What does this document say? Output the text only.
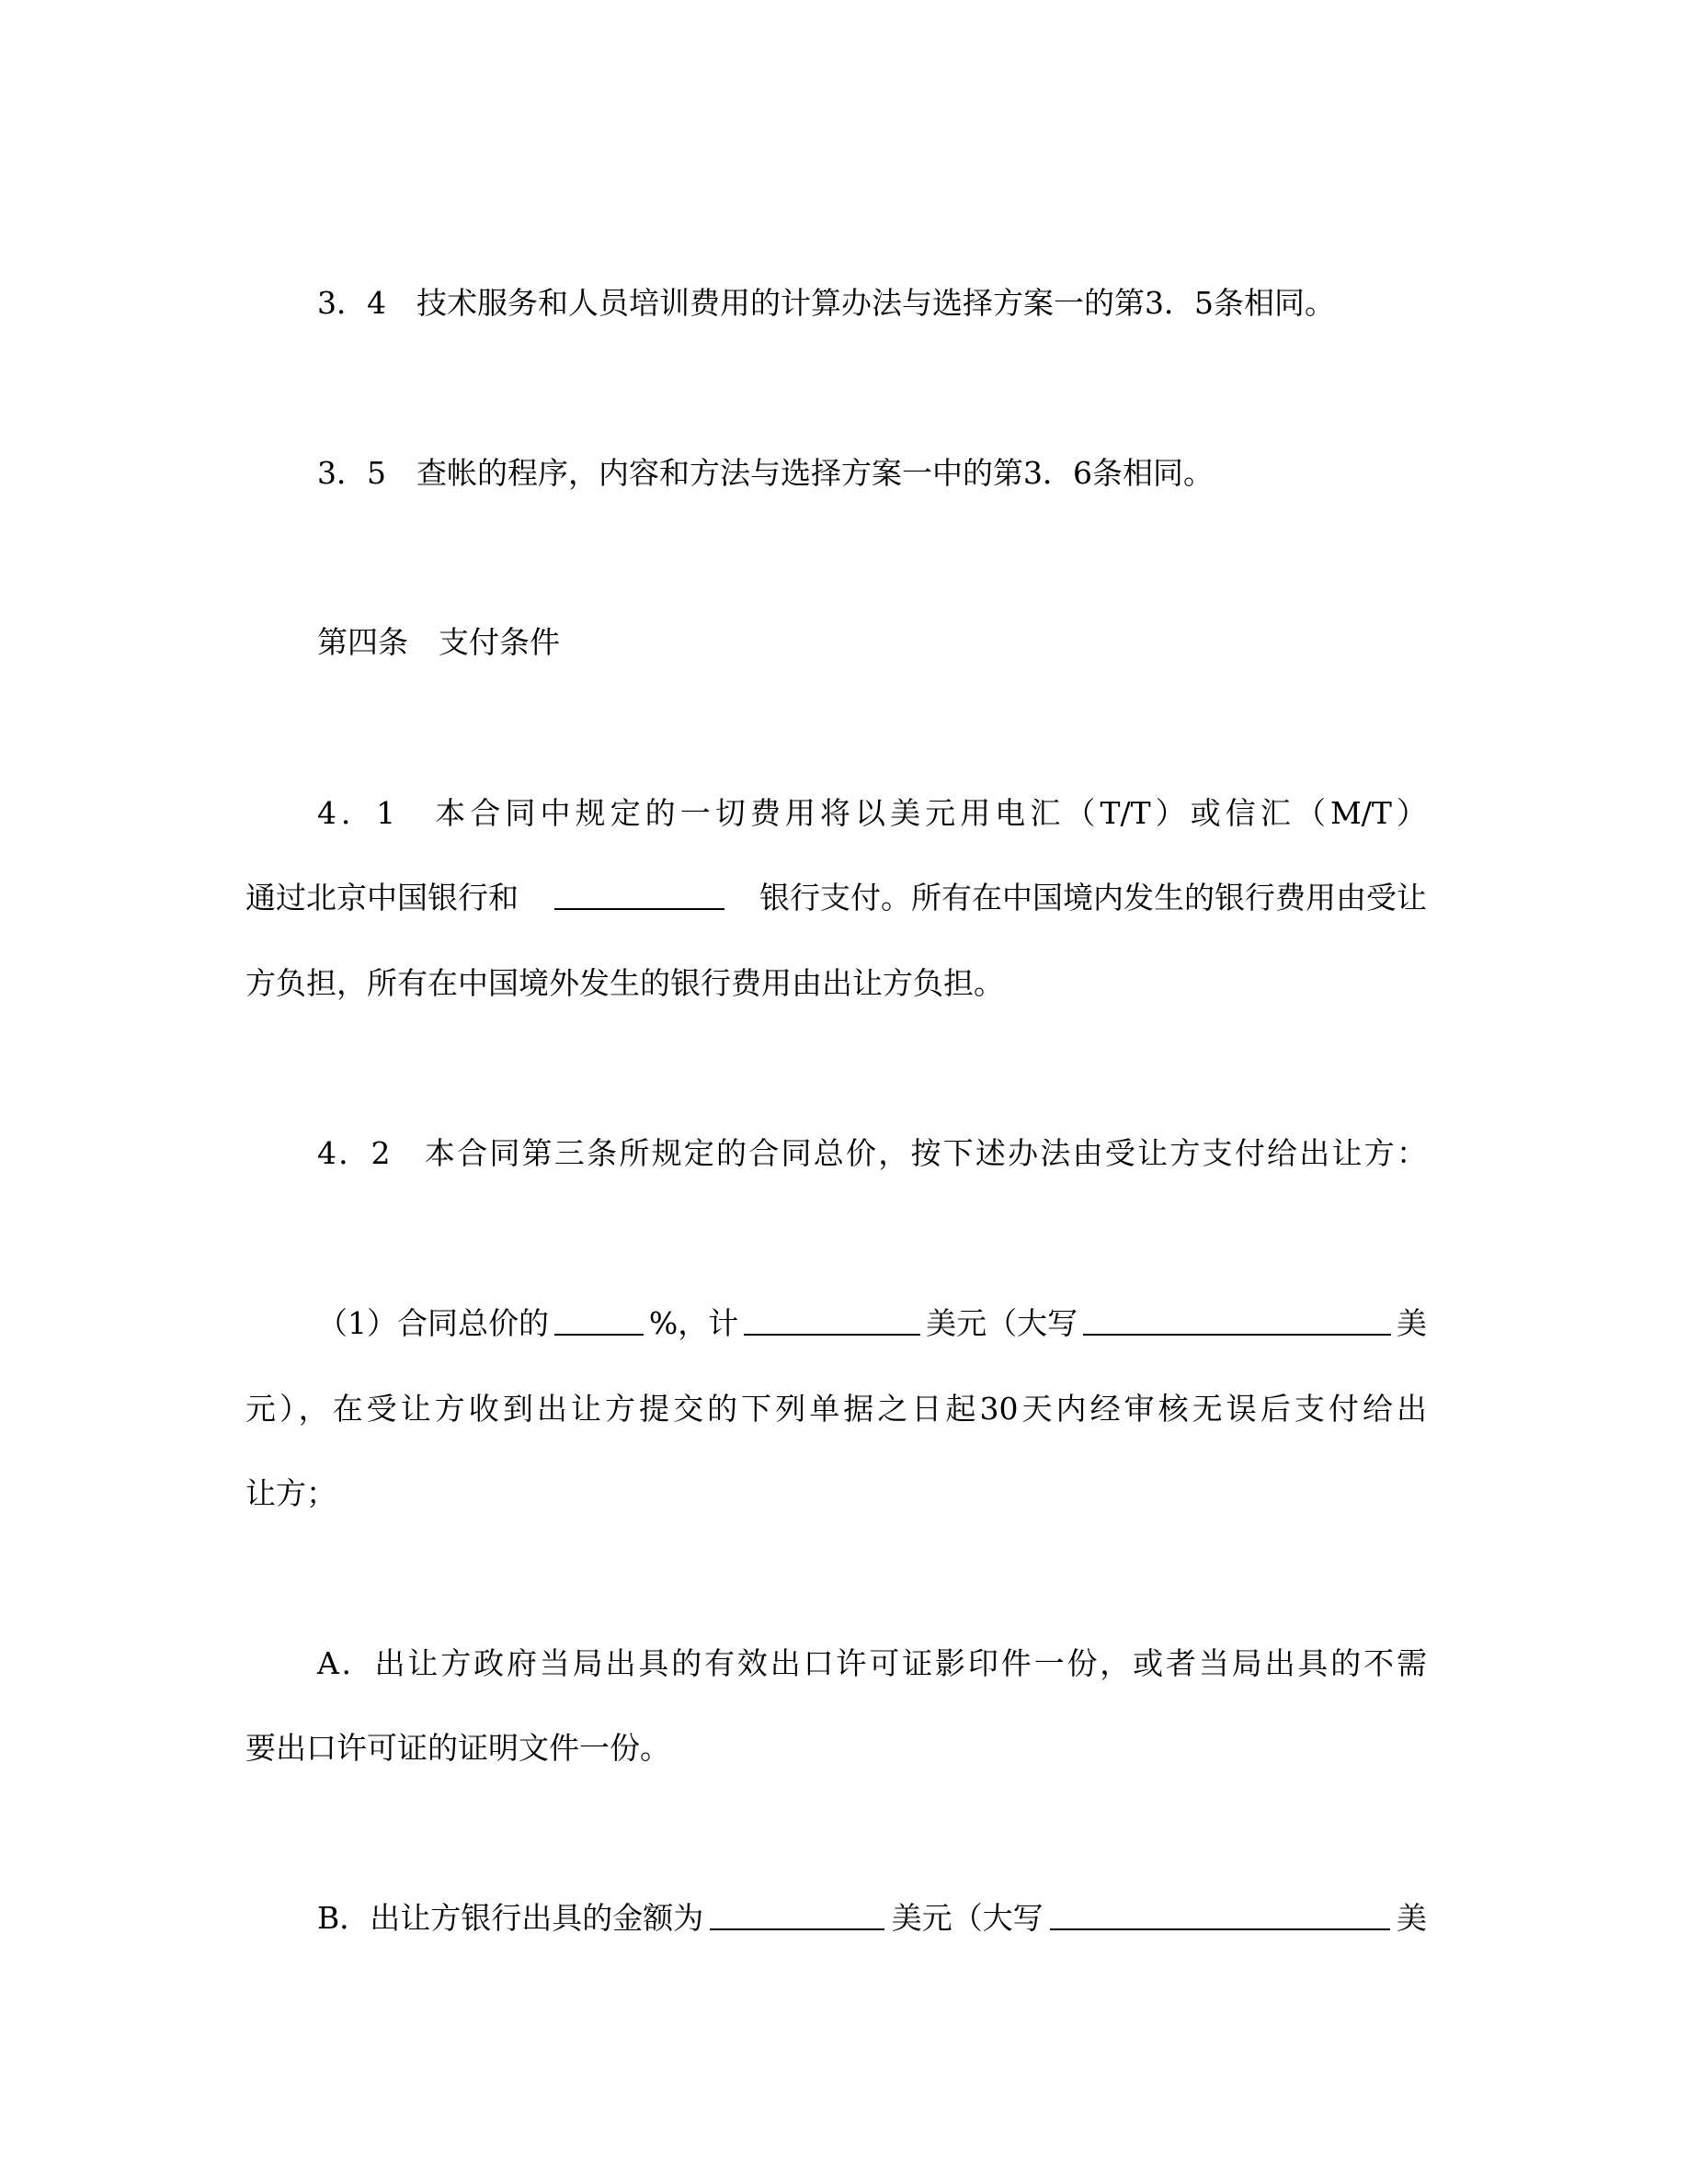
3．4　技术服务和人员培训费用的计算办法与选择方案一的第3．5条相同。
3．5　查帐的程序，内容和方法与选择方案一中的第3．6条相同。
第四条　支付条件
4．1　本合同中规定的一切费用将以美元用电汇（T/T）或信汇（M/T）
通过北京中国银行和	银行支付。所有在中国境内发生的银行费用由受让
方负担，所有在中国境外发生的银行费用由出让方负担。
4．2　本合同第三条所规定的合同总价，按下述办法由受让方支付给出让方：
（1）合同总价的	%，计	美元（大写	美
元），在受让方收到出让方提交的下列单据之日起30天内经审核无误后支付给出
让方；
A．出让方政府当局出具的有效出口许可证影印件一份，或者当局出具的不需
要出口许可证的证明文件一份。
B．出让方银行出具的金额为	美元（大写	美
